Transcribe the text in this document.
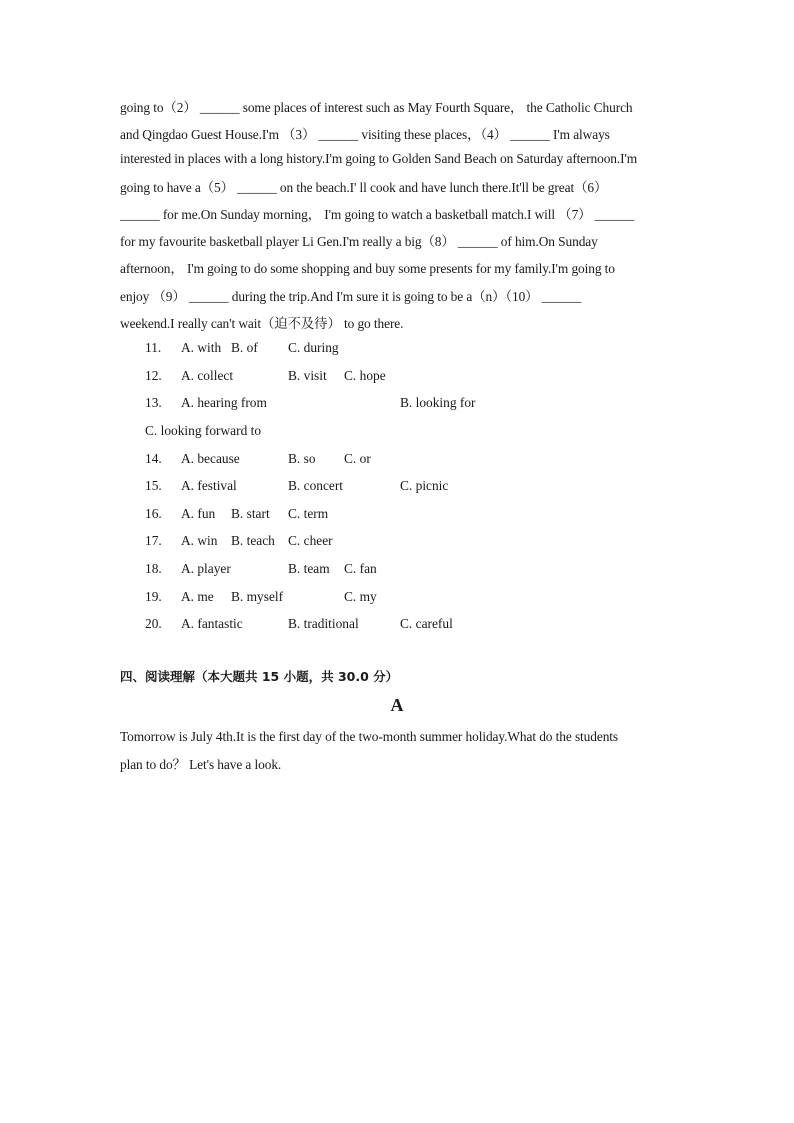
going to（2） ______ some places of interest such as May Fourth Square， the Catholic Church
and Qingdao Guest House.I'm （3） ______ visiting these places，（4） ______ I'm always
interested in places with a long history.I'm going to Golden Sand Beach on Saturday afternoon.I'm
going to have a（5） ______ on the beach.I' ll cook and have lunch there.It'll be great（6）
______ for me.On Sunday morning， I'm going to watch a basketball match.I will （7） ______
for my favourite basketball player Li Gen.I'm really a big（8） ______ of him.On Sunday
afternoon， I'm going to do some shopping and buy some presents for my family.I'm going to
enjoy （9） ______ during the trip.And I'm sure it is going to be a（n）（10） ______
weekend.I really can't wait（迫不及待） to go there.
11. A. with B. of C. during
12. A. collect	B. visit C. hope
13. A. hearing from	B. looking for
C. looking forward to
14. A. because	B. so C. or
15. A. festival	B. concert	C. picnic
16. A. fun B. start C. term
17. A. win B. teach C. cheer
18. A. player	B. team C. fan
19. A. me B. myself	C. my
20. A. fantastic	B. traditional	C. careful
四、阅读理解（本大题共 15 小题，共 30.0 分）
A
Tomorrow is July 4th.It is the first day of the two-month summer holiday.What do the students
plan to do？ Let's have a look.
